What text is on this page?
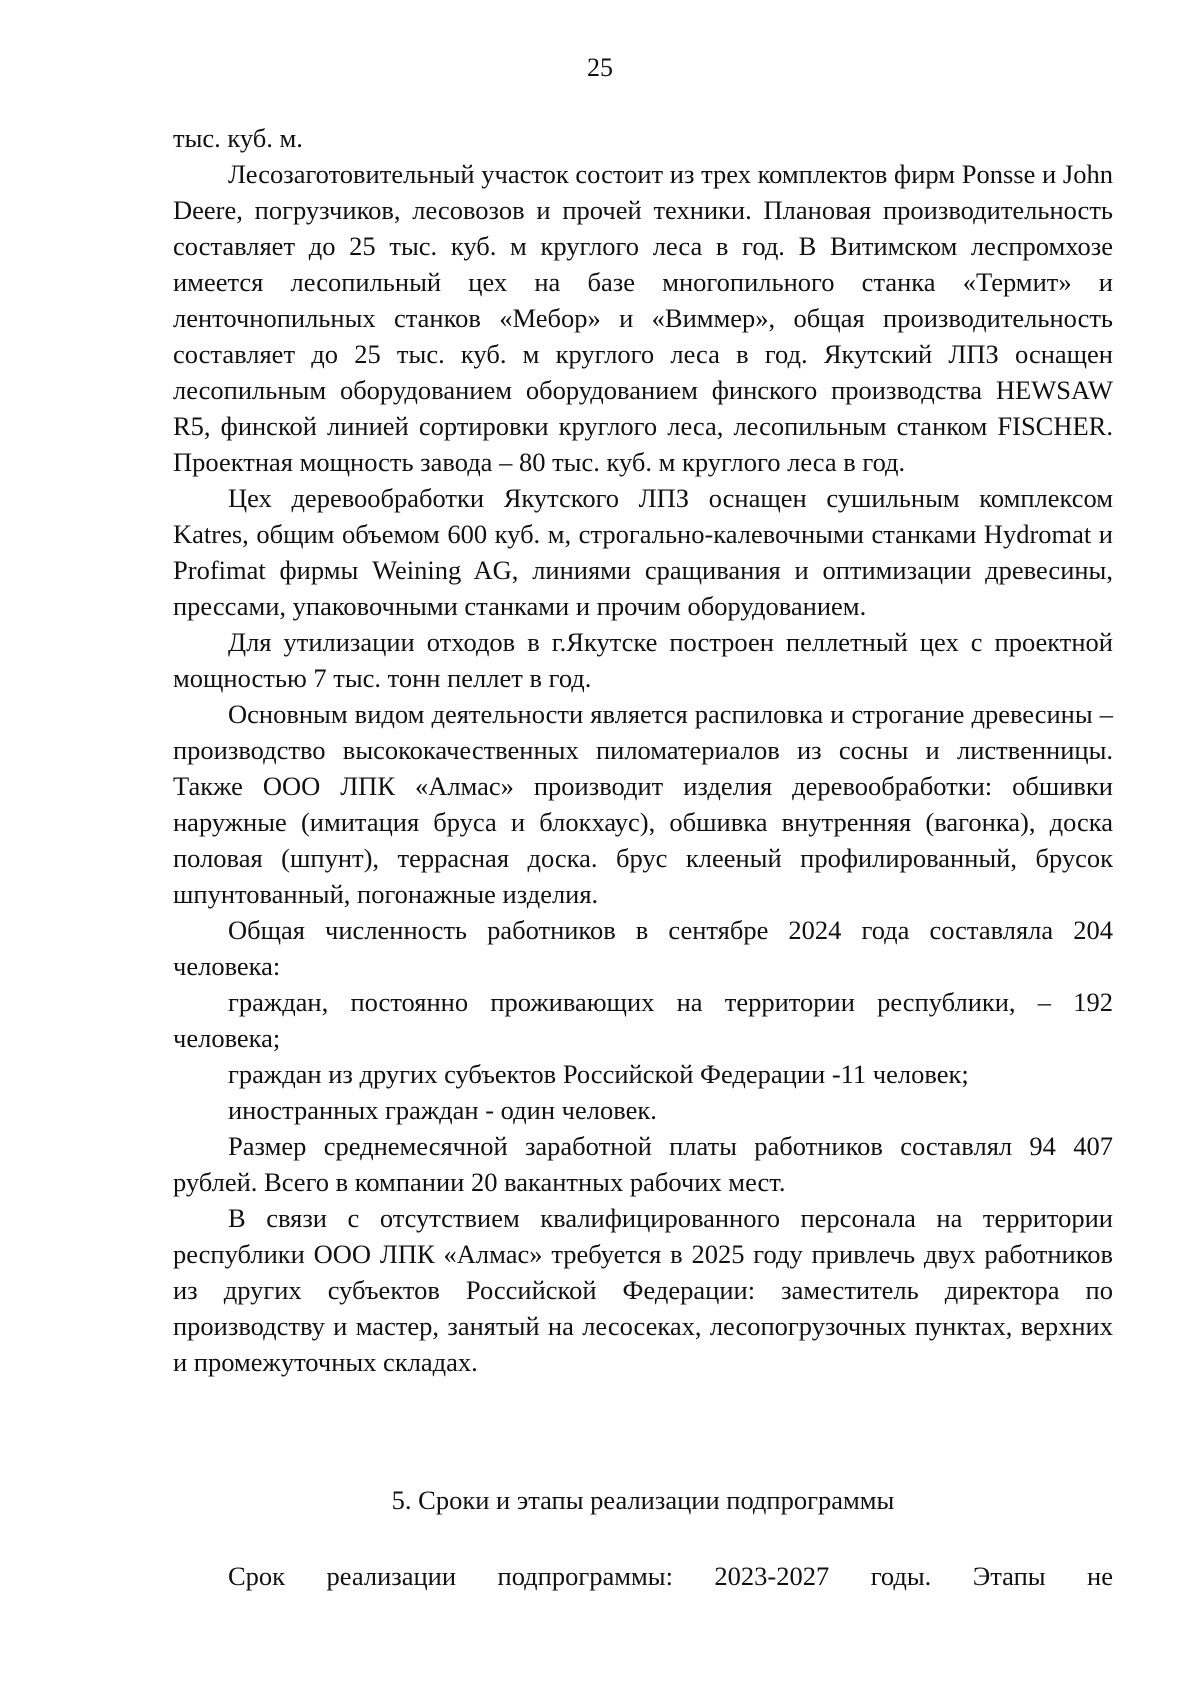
25

тыс. куб. м.

Лесозаготовительный участок состоит из трех комплектов фирм Ponsse и John Deere, погрузчиков, лесовозов и прочей техники. Плановая производительность составляет до 25 тыс. куб. м круглого леса в год. В Витимском леспромхозе имеется лесопильный цех на базе многопильного станка «Термит» и ленточнопильных станков «Мебор» и «Виммер», общая производительность составляет до 25 тыс. куб. м круглого леса в год. Якутский ЛПЗ оснащен лесопильным оборудованием оборудованием финского производства HEWSAW R5, финской линией сортировки круглого леса, лесопильным станком FISCHER. Проектная мощность завода – 80 тыс. куб. м круглого леса в год.

Цех деревообработки Якутского ЛПЗ оснащен сушильным комплексом Katres, общим объемом 600 куб. м, строгально-калевочными станками Hydromat и Profimat фирмы Weining AG, линиями сращивания и оптимизации древесины, прессами, упаковочными станками и прочим оборудованием.

Для утилизации отходов в г.Якутске построен пеллетный цех с проектной мощностью 7 тыс. тонн пеллет в год.

Основным видом деятельности является распиловка и строгание древесины – производство высококачественных пиломатериалов из сосны и лиственницы. Также ООО ЛПК «Алмас» производит изделия деревообработки: обшивки наружные (имитация бруса и блокхаус), обшивка внутренняя (вагонка), доска половая (шпунт), террасная доска. брус клееный профилированный, брусок шпунтованный, погонажные изделия.

Общая численность работников в сентябре 2024 года составляла 204 человека:

граждан, постоянно проживающих на территории республики, – 192 человека;

граждан из других субъектов Российской Федерации -11 человек;

иностранных граждан - один человек.

Размер среднемесячной заработной платы работников составлял 94 407 рублей. Всего в компании 20 вакантных рабочих мест.

В связи с отсутствием квалифицированного персонала на территории республики ООО ЛПК «Алмас» требуется в 2025 году привлечь двух работников из других субъектов Российской Федерации: заместитель директора по производству и мастер, занятый на лесосеках, лесопогрузочных пунктах, верхних и промежуточных складах.

5. Сроки и этапы реализации подпрограммы
Срок реализации подпрограммы: 2023-2027 годы. Этапы не
